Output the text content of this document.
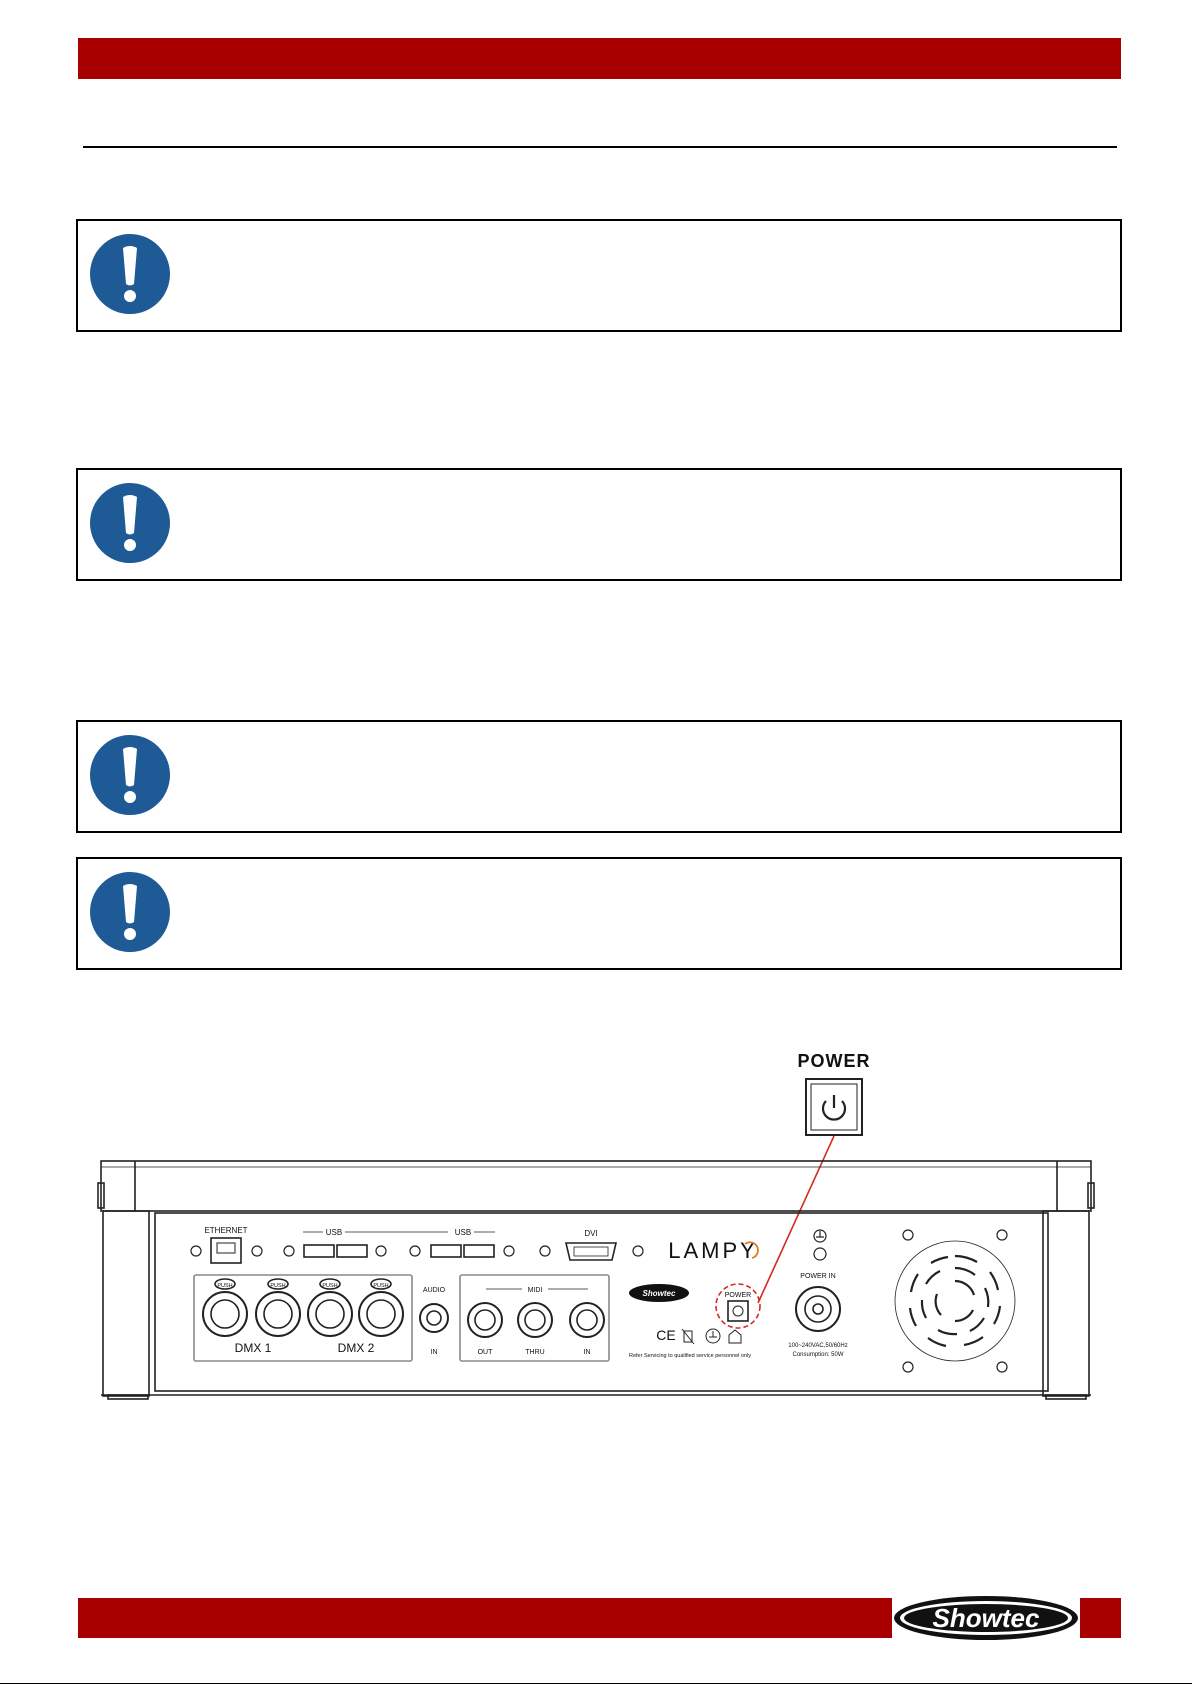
POWER
ETHERNET	USB	USB	DVI
LAMPY
PUSH	PUSH	PUSH	PUSH
DMX 1	DMX 2
AUDIO
IN
MIDI
OUT	THRU	IN
Showtec	POWER
CE
Refer Servicing to qualified service personnel only
POWER IN
100~240VAC,50/60Hz
Consumption: 50W
Showtec
